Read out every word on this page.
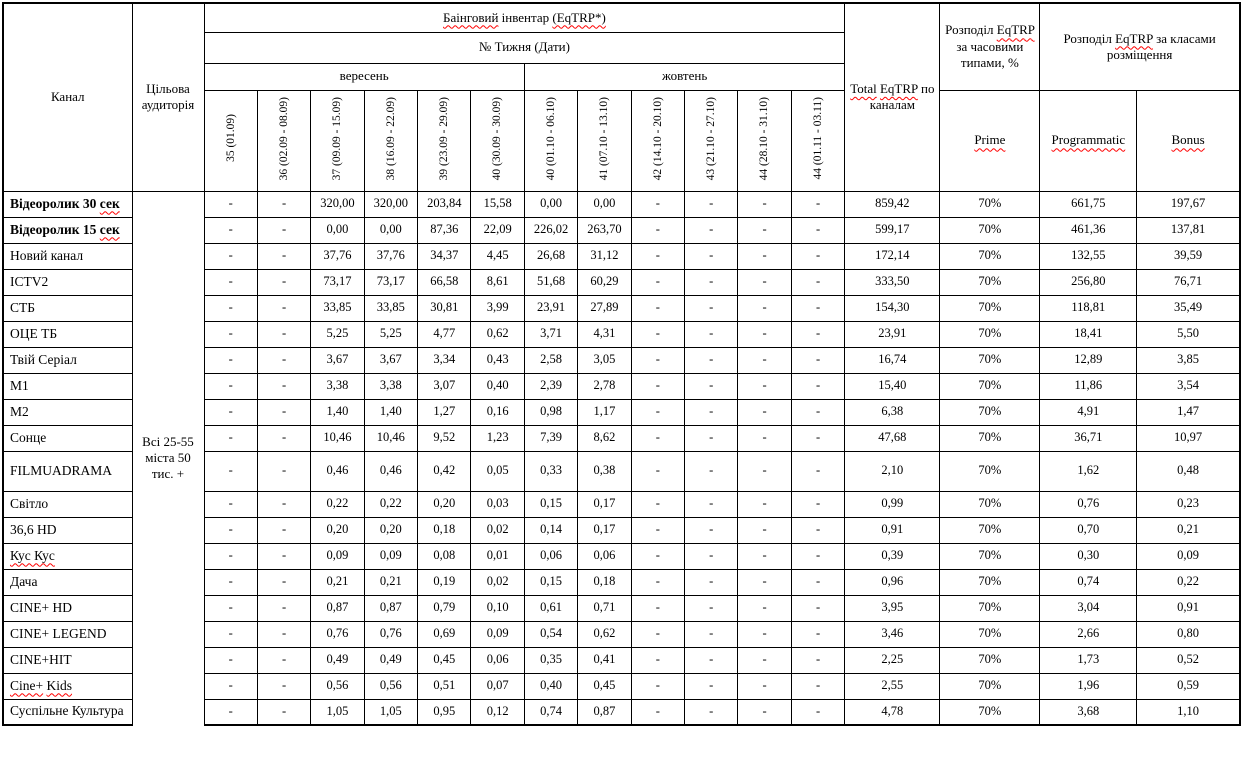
Канал	Цільова аудиторія	Баінговий інвентар (EqTRP*)												Total EqTRP по каналам	Розподіл EqTRP за часовими типами, %	Розподіл EqTRP за класами розміщення	
		№ Тижня (Дати)															
		вересень						жовтень									
		35 (01.09)	36 (02.09 - 08.09)	37 (09.09 - 15.09)	38 (16.09 - 22.09)	39 (23.09 - 29.09)	40 (30.09 - 30.09)	40 (01.10 - 06.10)	41 (07.10 - 13.10)	42 (14.10 - 20.10)	43 (21.10 - 27.10)	44 (28.10 - 31.10)	44 (01.11 - 03.11)		Prime	Programmatic	Bonus
Відеоролик 30 сек	Всі 25-55 міста 50 тис. +	-	-	320,00	320,00	203,84	15,58	0,00	0,00	-	-	-	-	859,42	70%	661,75	197,67
Відеоролик 15 сек		-	-	0,00	0,00	87,36	22,09	226,02	263,70	-	-	-	-	599,17	70%	461,36	137,81
Новий канал		-	-	37,76	37,76	34,37	4,45	26,68	31,12	-	-	-	-	172,14	70%	132,55	39,59
ICTV2		-	-	73,17	73,17	66,58	8,61	51,68	60,29	-	-	-	-	333,50	70%	256,80	76,71
СТБ		-	-	33,85	33,85	30,81	3,99	23,91	27,89	-	-	-	-	154,30	70%	118,81	35,49
ОЦЕ ТБ		-	-	5,25	5,25	4,77	0,62	3,71	4,31	-	-	-	-	23,91	70%	18,41	5,50
Твій Серіал		-	-	3,67	3,67	3,34	0,43	2,58	3,05	-	-	-	-	16,74	70%	12,89	3,85
М1		-	-	3,38	3,38	3,07	0,40	2,39	2,78	-	-	-	-	15,40	70%	11,86	3,54
М2		-	-	1,40	1,40	1,27	0,16	0,98	1,17	-	-	-	-	6,38	70%	4,91	1,47
Сонце		-	-	10,46	10,46	9,52	1,23	7,39	8,62	-	-	-	-	47,68	70%	36,71	10,97
FILMUADRAMA		-	-	0,46	0,46	0,42	0,05	0,33	0,38	-	-	-	-	2,10	70%	1,62	0,48
Світло		-	-	0,22	0,22	0,20	0,03	0,15	0,17	-	-	-	-	0,99	70%	0,76	0,23
36,6 HD		-	-	0,20	0,20	0,18	0,02	0,14	0,17	-	-	-	-	0,91	70%	0,70	0,21
Кус Кус		-	-	0,09	0,09	0,08	0,01	0,06	0,06	-	-	-	-	0,39	70%	0,30	0,09
Дача		-	-	0,21	0,21	0,19	0,02	0,15	0,18	-	-	-	-	0,96	70%	0,74	0,22
CINE+ HD		-	-	0,87	0,87	0,79	0,10	0,61	0,71	-	-	-	-	3,95	70%	3,04	0,91
CINE+ LEGEND		-	-	0,76	0,76	0,69	0,09	0,54	0,62	-	-	-	-	3,46	70%	2,66	0,80
CINE+HIT		-	-	0,49	0,49	0,45	0,06	0,35	0,41	-	-	-	-	2,25	70%	1,73	0,52
Cine+ Kids		-	-	0,56	0,56	0,51	0,07	0,40	0,45	-	-	-	-	2,55	70%	1,96	0,59
Суспільне Культура		-	-	1,05	1,05	0,95	0,12	0,74	0,87	-	-	-	-	4,78	70%	3,68	1,10
